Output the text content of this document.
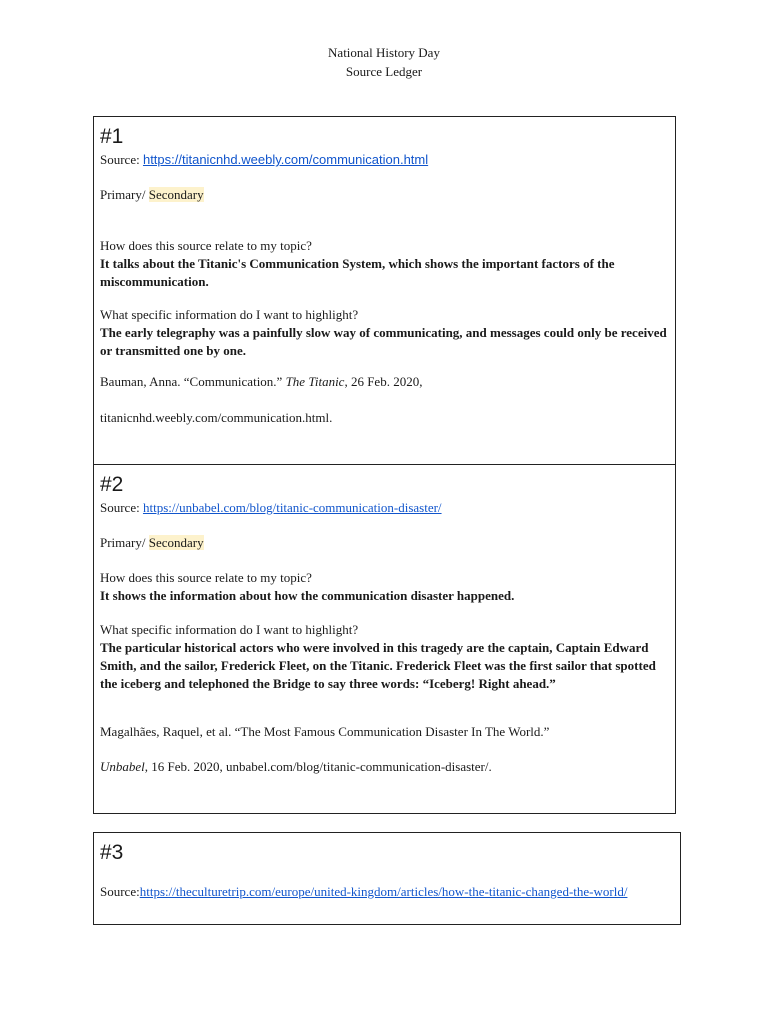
National History Day
Source Ledger
#1
Source: https://titanicnhd.weebly.com/communication.html
Primary/ Secondary
How does this source relate to my topic?
It talks about the Titanic's Communication System, which shows the important factors of the miscommunication.
What specific information do I want to highlight?
The early telegraphy was a painfully slow way of communicating, and messages could only be received or transmitted one by one.
Bauman, Anna. “Communication.” The Titanic, 26 Feb. 2020,
titanicnhd.weebly.com/communication.html.
#2
Source: https://unbabel.com/blog/titanic-communication-disaster/
Primary/ Secondary
How does this source relate to my topic?
It shows the information about how the communication disaster happened.
What specific information do I want to highlight?
The particular historical actors who were involved in this tragedy are the captain, Captain Edward Smith, and the sailor, Frederick Fleet, on the Titanic. Frederick Fleet was the first sailor that spotted the iceberg and telephoned the Bridge to say three words: “Iceberg! Right ahead.”
Magalhães, Raquel, et al. “The Most Famous Communication Disaster In The World.”
Unbabel, 16 Feb. 2020, unbabel.com/blog/titanic-communication-disaster/.
#3
Source:https://theculturetrip.com/europe/united-kingdom/articles/how-the-titanic-changed-the-world/
